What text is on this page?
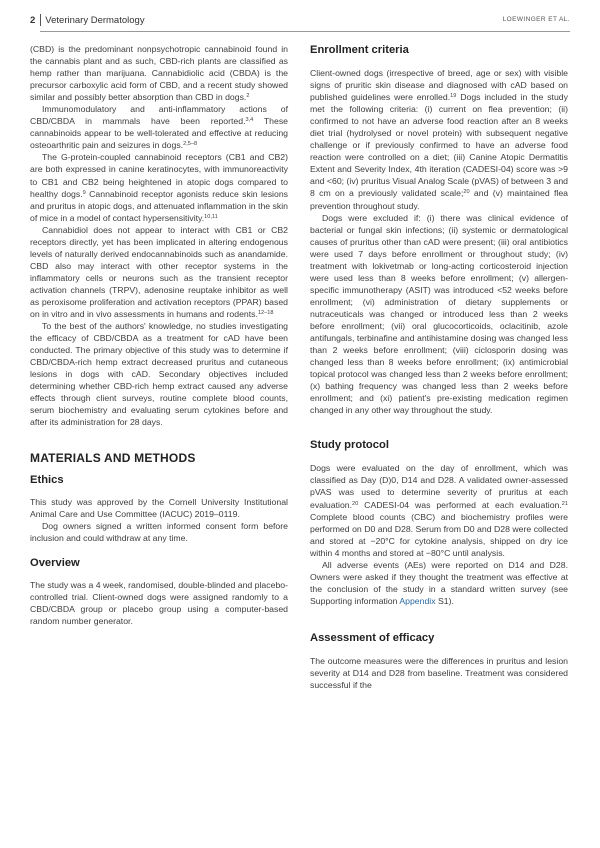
2 Veterinary Dermatology	LOEWINGER ET AL.

(CBD) is the predominant nonpsychotropic cannabinoid found in the cannabis plant and as such, CBD-rich plants are classified as hemp rather than marijuana. Cannabidiolic acid (CBDA) is the precursor carboxylic acid form of CBD, and a recent study showed similar and possibly better absorption than CBD in dogs.$^2$

Immunomodulatory and anti-inflammatory actions of CBD/CBDA in mammals have been reported.$^{3,4}$ These cannabinoids appear to be well-tolerated and effective at reducing osteoarthritic pain and seizures in dogs.$^{2,5-8}$

The G-protein-coupled cannabinoid receptors (CB1 and CB2) are both expressed in canine keratinocytes, with immunoreactivity to CB1 and CB2 being heightened in atopic dogs compared to healthy dogs.$^9$ Cannabinoid receptor agonists reduce skin lesions and pruritus in atopic dogs, and attenuated inflammation in the skin of mice in a model of contact hypersensitivity.$^{10,11}$

Cannabidiol does not appear to interact with CB1 or CB2 receptors directly, yet has been implicated in altering endogenous levels of naturally derived endocannabinoids such as anandamide. CBD also may interact with other receptor systems in the inflammatory cells or neurons such as the transient receptor activation channels (TRPV), adenosine reuptake inhibitor as well as peroxisome proliferation and activation receptors (PPAR) based on in vitro and in vivo assessments in humans and rodents.$^{12-18}$

To the best of the authors' knowledge, no studies investigating the efficacy of CBD/CBDA as a treatment for cAD have been conducted. The primary objective of this study was to determine if CBD/CBDA-rich hemp extract decreased pruritus and cutaneous lesions in dogs with cAD. Secondary objectives included determining whether CBD-rich hemp extract caused any adverse effects through client surveys, routine complete blood counts, serum biochemistry and evaluating serum cytokines before and after its administration for 28 days.

MATERIALS AND METHODS
Ethics

This study was approved by the Cornell University Institutional Animal Care and Use Committee (IACUC) 2019–0119.

Dog owners signed a written informed consent form before inclusion and could withdraw at any time.

Overview

The study was a 4 week, randomised, double-blinded and placebo-controlled trial. Client-owned dogs were assigned randomly to a CBD/CBDA group or placebo group using a computer-based random number generator.

Enrollment criteria

Client-owned dogs (irrespective of breed, age or sex) with visible signs of pruritic skin disease and diagnosed with cAD based on published guidelines were enrolled.$^{19}$ Dogs included in the study met the following criteria: (i) current on flea prevention; (ii) confirmed to not have an adverse food reaction after an 8 weeks diet trial (hydrolysed or novel protein) with subsequent negative challenge or if previously confirmed to have an adverse food reaction were controlled on a diet; (iii) Canine Atopic Dermatitis Extent and Severity Index, 4th iteration (CADESI-04) score was >9 and <60; (iv) pruritus Visual Analog Scale (pVAS) of between 3 and 8 cm on a previously validated scale;$^{20}$ and (v) maintained flea prevention throughout study.

Dogs were excluded if: (i) there was clinical evidence of bacterial or fungal skin infections; (ii) systemic or dermatological causes of pruritus other than cAD were present; (iii) oral antibiotics were used 7 days before enrollment or throughout study; (iv) treatment with lokivetmab or long-acting corticosteroid injection were used less than 8 weeks before enrollment; (v) allergen-specific immunotherapy (ASIT) was introduced <52 weeks before enrollment; (vi) administration of dietary supplements or nutraceuticals was changed or introduced less than 2 weeks before enrollment; (vii) oral glucocorticoids, oclacitinib, azole antifungals, terbinafine and antihistamine dosing was changed less than 2 weeks before enrollment; (viii) ciclosporin dosing was changed less than 8 weeks before enrollment; (ix) antimicrobial topical protocol was changed less than 2 weeks before enrollment; (x) bathing frequency was changed less than 2 weeks before enrollment; and (xi) patient's pre-existing medication regimen changed in any other way throughout the study.

Study protocol

Dogs were evaluated on the day of enrollment, which was classified as Day (D)0, D14 and D28. A validated owner-assessed pVAS was used to determine severity of pruritus at each evaluation.$^{20}$ CADESI-04 was performed at each evaluation.$^{21}$ Complete blood counts (CBC) and biochemistry profiles were performed on D0 and D28. Serum from D0 and D28 were collected and stored at −20°C for cytokine analysis, shipped on dry ice within 4 months and stored at −80°C until analysis.

All adverse events (AEs) were reported on D14 and D28. Owners were asked if they thought the treatment was effective at the conclusion of the study in a standard written survey (see Supporting information Appendix S1).

Assessment of efficacy

The outcome measures were the differences in pruritus and lesion severity at D14 and D28 from baseline. Treatment was considered successful if the
